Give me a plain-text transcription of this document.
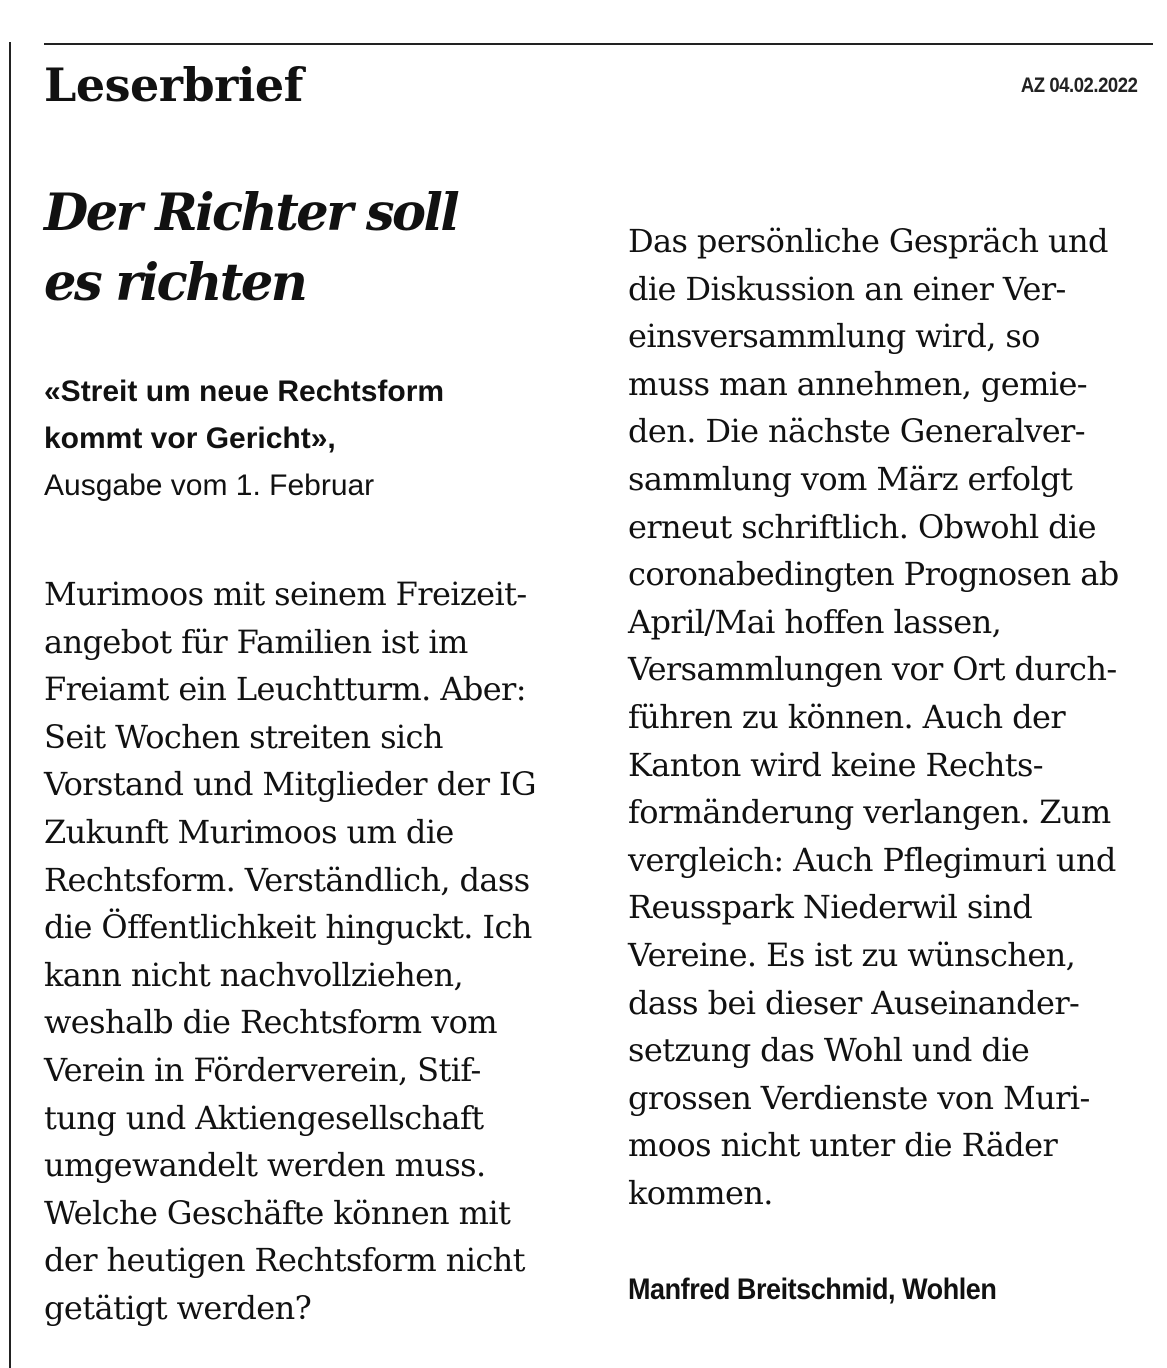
Leserbrief	AZ 04.02.2022
Der Richter soll es richten
«Streit um neue Rechtsform kommt vor Gericht»,
Ausgabe vom 1. Februar

Murimoos mit seinem Freizeit-
angebot für Familien ist im
Freiamt ein Leuchtturm. Aber:
Seit Wochen streiten sich
Vorstand und Mitglieder der IG
Zukunft Murimoos um die
Rechtsform. Verständlich, dass
die Öffentlichkeit hinguckt. Ich
kann nicht nachvollziehen,
weshalb die Rechtsform vom
Verein in Förderverein, Stif-
tung und Aktiengesellschaft
umgewandelt werden muss.
Welche Geschäfte können mit
der heutigen Rechtsform nicht
getätigt werden?

Das persönliche Gespräch und
die Diskussion an einer Ver-
einsversammlung wird, so
muss man annehmen, gemie-
den. Die nächste Generalver-
sammlung vom März erfolgt
erneut schriftlich. Obwohl die
coronabedingten Prognosen ab
April/Mai hoffen lassen,
Versammlungen vor Ort durch-
führen zu können. Auch der
Kanton wird keine Rechts-
formänderung verlangen. Zum
vergleich: Auch Pflegimuri und
Reusspark Niederwil sind
Vereine. Es ist zu wünschen,
dass bei dieser Auseinander-
setzung das Wohl und die
grossen Verdienste von Muri-
moos nicht unter die Räder
kommen.

Manfred Breitschmid, Wohlen
